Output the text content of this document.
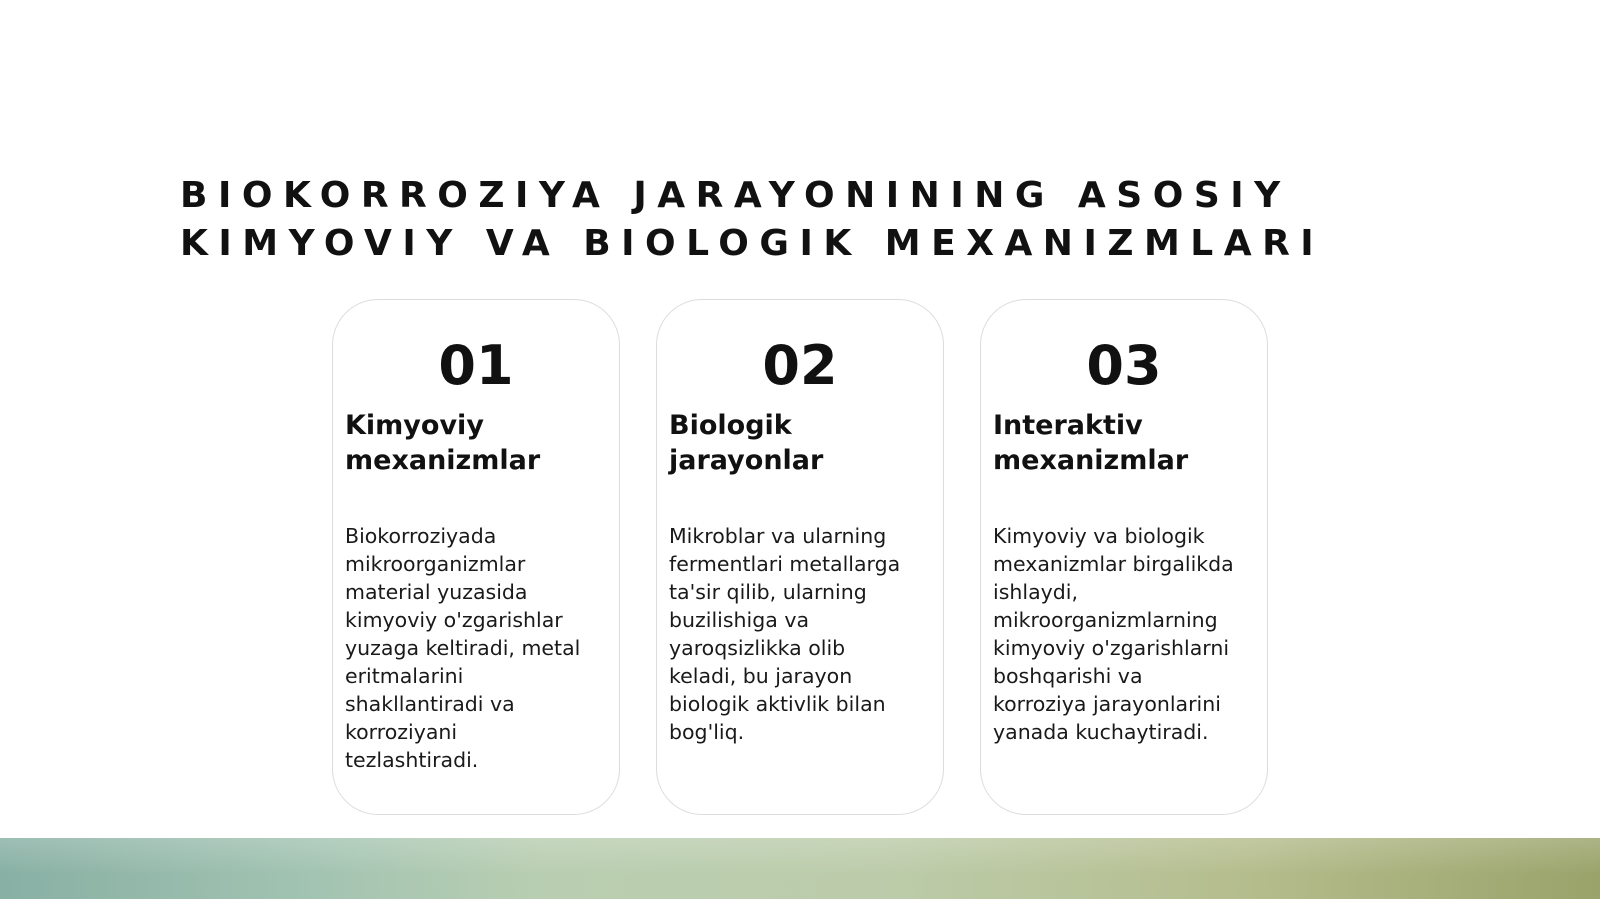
BIOKORROZIYA JARAYONINING ASOSIY
KIMYOVIY VA BIOLOGIK MEXANIZMLARI
01
Kimyoviy
mexanizmlar
Biokorroziyada
mikroorganizmlar
material yuzasida
kimyoviy o'zgarishlar
yuzaga keltiradi, metal
eritmalarini
shakllantiradi va
korroziyani
tezlashtiradi.
02
Biologik
jarayonlar
Mikroblar va ularning
fermentlari metallarga
ta'sir qilib, ularning
buzilishiga va
yaroqsizlikka olib
keladi, bu jarayon
biologik aktivlik bilan
bog'liq.
03
Interaktiv
mexanizmlar
Kimyoviy va biologik
mexanizmlar birgalikda
ishlaydi,
mikroorganizmlarning
kimyoviy o'zgarishlarni
boshqarishi va
korroziya jarayonlarini
yanada kuchaytiradi.
